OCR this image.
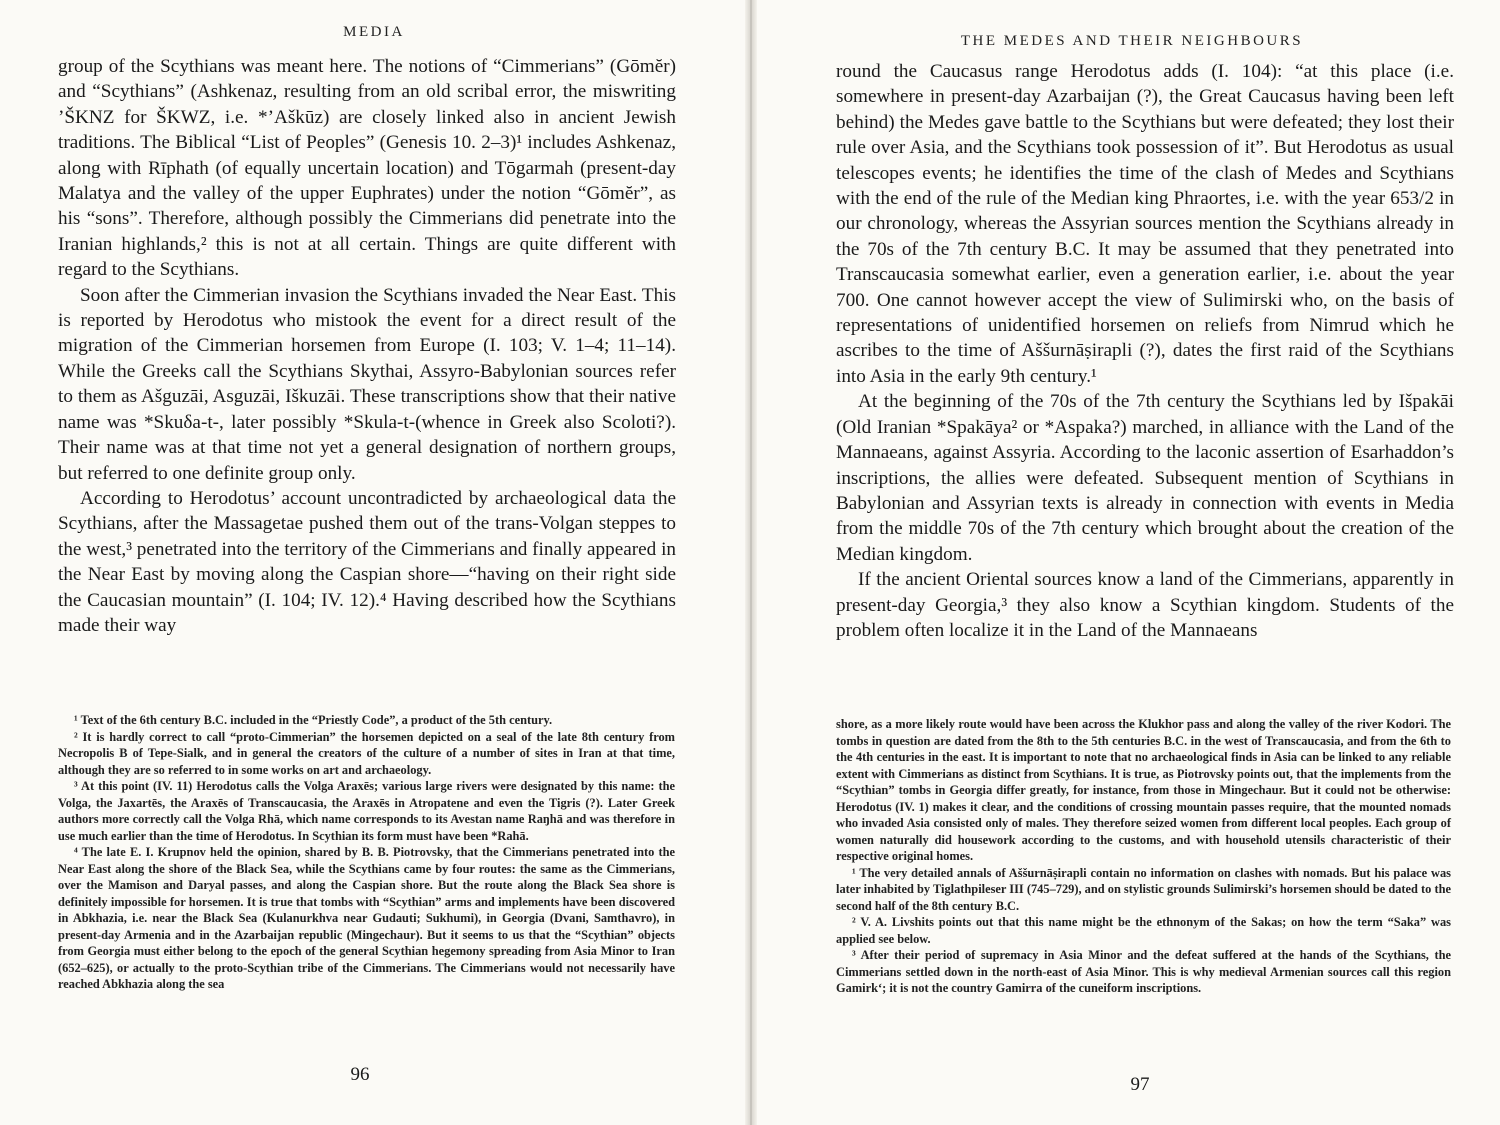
MEDIA
THE MEDES AND THEIR NEIGHBOURS

group of the Scythians was meant here. The notions of “Cimmerians” (Gōmĕr) and “Scythians” (Ashkenaz, resulting from an old scribal error, the miswriting ’ŠKNZ for ŠKWZ, i.e. *’Aškūz) are closely linked also in ancient Jewish traditions. The Biblical “List of Peoples” (Genesis 10. 2–3)¹ includes Ashkenaz, along with Rīphath (of equally uncertain location) and Tōgarmah (present-day Malatya and the valley of the upper Euphrates) under the notion “Gōmĕr”, as his “sons”. Therefore, although possibly the Cimmerians did penetrate into the Iranian highlands,² this is not at all certain. Things are quite different with regard to the Scythians.

Soon after the Cimmerian invasion the Scythians invaded the Near East. This is reported by Herodotus who mistook the event for a direct result of the migration of the Cimmerian horsemen from Europe (I. 103; V. 1–4; 11–14). While the Greeks call the Scythians Skythai, Assyro-Babylonian sources refer to them as Ašguzāi, Asguzāi, Iškuzāi. These transcriptions show that their native name was *Skuδa-t-, later possibly *Skula-t-(whence in Greek also Scoloti?). Their name was at that time not yet a general designation of northern groups, but referred to one definite group only.

According to Herodotus’ account uncontradicted by archaeological data the Scythians, after the Massagetae pushed them out of the trans-Volgan steppes to the west,³ penetrated into the territory of the Cimmerians and finally appeared in the Near East by moving along the Caspian shore—“having on their right side the Caucasian mountain” (I. 104; IV. 12).⁴ Having described how the Scythians made their way

¹ Text of the 6th century B.C. included in the “Priestly Code”, a product of the 5th century.

² It is hardly correct to call “proto-Cimmerian” the horsemen depicted on a seal of the late 8th century from Necropolis B of Tepe-Sialk, and in general the creators of the culture of a number of sites in Iran at that time, although they are so referred to in some works on art and archaeology.

³ At this point (IV. 11) Herodotus calls the Volga Araxēs; various large rivers were designated by this name: the Volga, the Jaxartēs, the Araxēs of Transcaucasia, the Araxēs in Atropatene and even the Tigris (?). Later Greek authors more correctly call the Volga Rhā, which name corresponds to its Avestan name Raŋhā and was therefore in use much earlier than the time of Herodotus. In Scythian its form must have been *Rahā.

⁴ The late E. I. Krupnov held the opinion, shared by B. B. Piotrovsky, that the Cimmerians penetrated into the Near East along the shore of the Black Sea, while the Scythians came by four routes: the same as the Cimmerians, over the Mamison and Daryal passes, and along the Caspian shore. But the route along the Black Sea shore is definitely impossible for horsemen. It is true that tombs with “Scythian” arms and implements have been discovered in Abkhazia, i.e. near the Black Sea (Kulanurkhva near Gudauti; Sukhumi), in Georgia (Dvani, Samthavro), in present-day Armenia and in the Azarbaijan republic (Mingechaur). But it seems to us that the “Scythian” objects from Georgia must either belong to the epoch of the general Scythian hegemony spreading from Asia Minor to Iran (652–625), or actually to the proto-Scythian tribe of the Cimmerians. The Cimmerians would not necessarily have reached Abkhazia along the sea

round the Caucasus range Herodotus adds (I. 104): “at this place (i.e. somewhere in present-day Azarbaijan (?), the Great Caucasus having been left behind) the Medes gave battle to the Scythians but were defeated; they lost their rule over Asia, and the Scythians took possession of it”. But Herodotus as usual telescopes events; he identifies the time of the clash of Medes and Scythians with the end of the rule of the Median king Phraortes, i.e. with the year 653/2 in our chronology, whereas the Assyrian sources mention the Scythians already in the 70s of the 7th century B.C. It may be assumed that they penetrated into Transcaucasia somewhat earlier, even a generation earlier, i.e. about the year 700. One cannot however accept the view of Sulimirski who, on the basis of representations of unidentified horsemen on reliefs from Nimrud which he ascribes to the time of Aššurnāṣirapli (?), dates the first raid of the Scythians into Asia in the early 9th century.¹

At the beginning of the 70s of the 7th century the Scythians led by Išpakāi (Old Iranian *Spakāya² or *Aspaka?) marched, in alliance with the Land of the Mannaeans, against Assyria. According to the laconic assertion of Esarhaddon’s inscriptions, the allies were defeated. Subsequent mention of Scythians in Babylonian and Assyrian texts is already in connection with events in Media from the middle 70s of the 7th century which brought about the creation of the Median kingdom.

If the ancient Oriental sources know a land of the Cimmerians, apparently in present-day Georgia,³ they also know a Scythian kingdom. Students of the problem often localize it in the Land of the Mannaeans

shore, as a more likely route would have been across the Klukhor pass and along the valley of the river Kodori. The tombs in question are dated from the 8th to the 5th centuries B.C. in the west of Transcaucasia, and from the 6th to the 4th centuries in the east. It is important to note that no archaeological finds in Asia can be linked to any reliable extent with Cimmerians as distinct from Scythians. It is true, as Piotrovsky points out, that the implements from the “Scythian” tombs in Georgia differ greatly, for instance, from those in Mingechaur. But it could not be otherwise: Herodotus (IV. 1) makes it clear, and the conditions of crossing mountain passes require, that the mounted nomads who invaded Asia consisted only of males. They therefore seized women from different local peoples. Each group of women naturally did housework according to the customs, and with household utensils characteristic of their respective original homes.

¹ The very detailed annals of Aššurnāṣirapli contain no information on clashes with nomads. But his palace was later inhabited by Tiglathpileser III (745–729), and on stylistic grounds Sulimirski’s horsemen should be dated to the second half of the 8th century B.C.

² V. A. Livshits points out that this name might be the ethnonym of the Sakas; on how the term “Saka” was applied see below.

³ After their period of supremacy in Asia Minor and the defeat suffered at the hands of the Scythians, the Cimmerians settled down in the north-east of Asia Minor. This is why medieval Armenian sources call this region Gamirk‘; it is not the country Gamirra of the cuneiform inscriptions.

96	97
